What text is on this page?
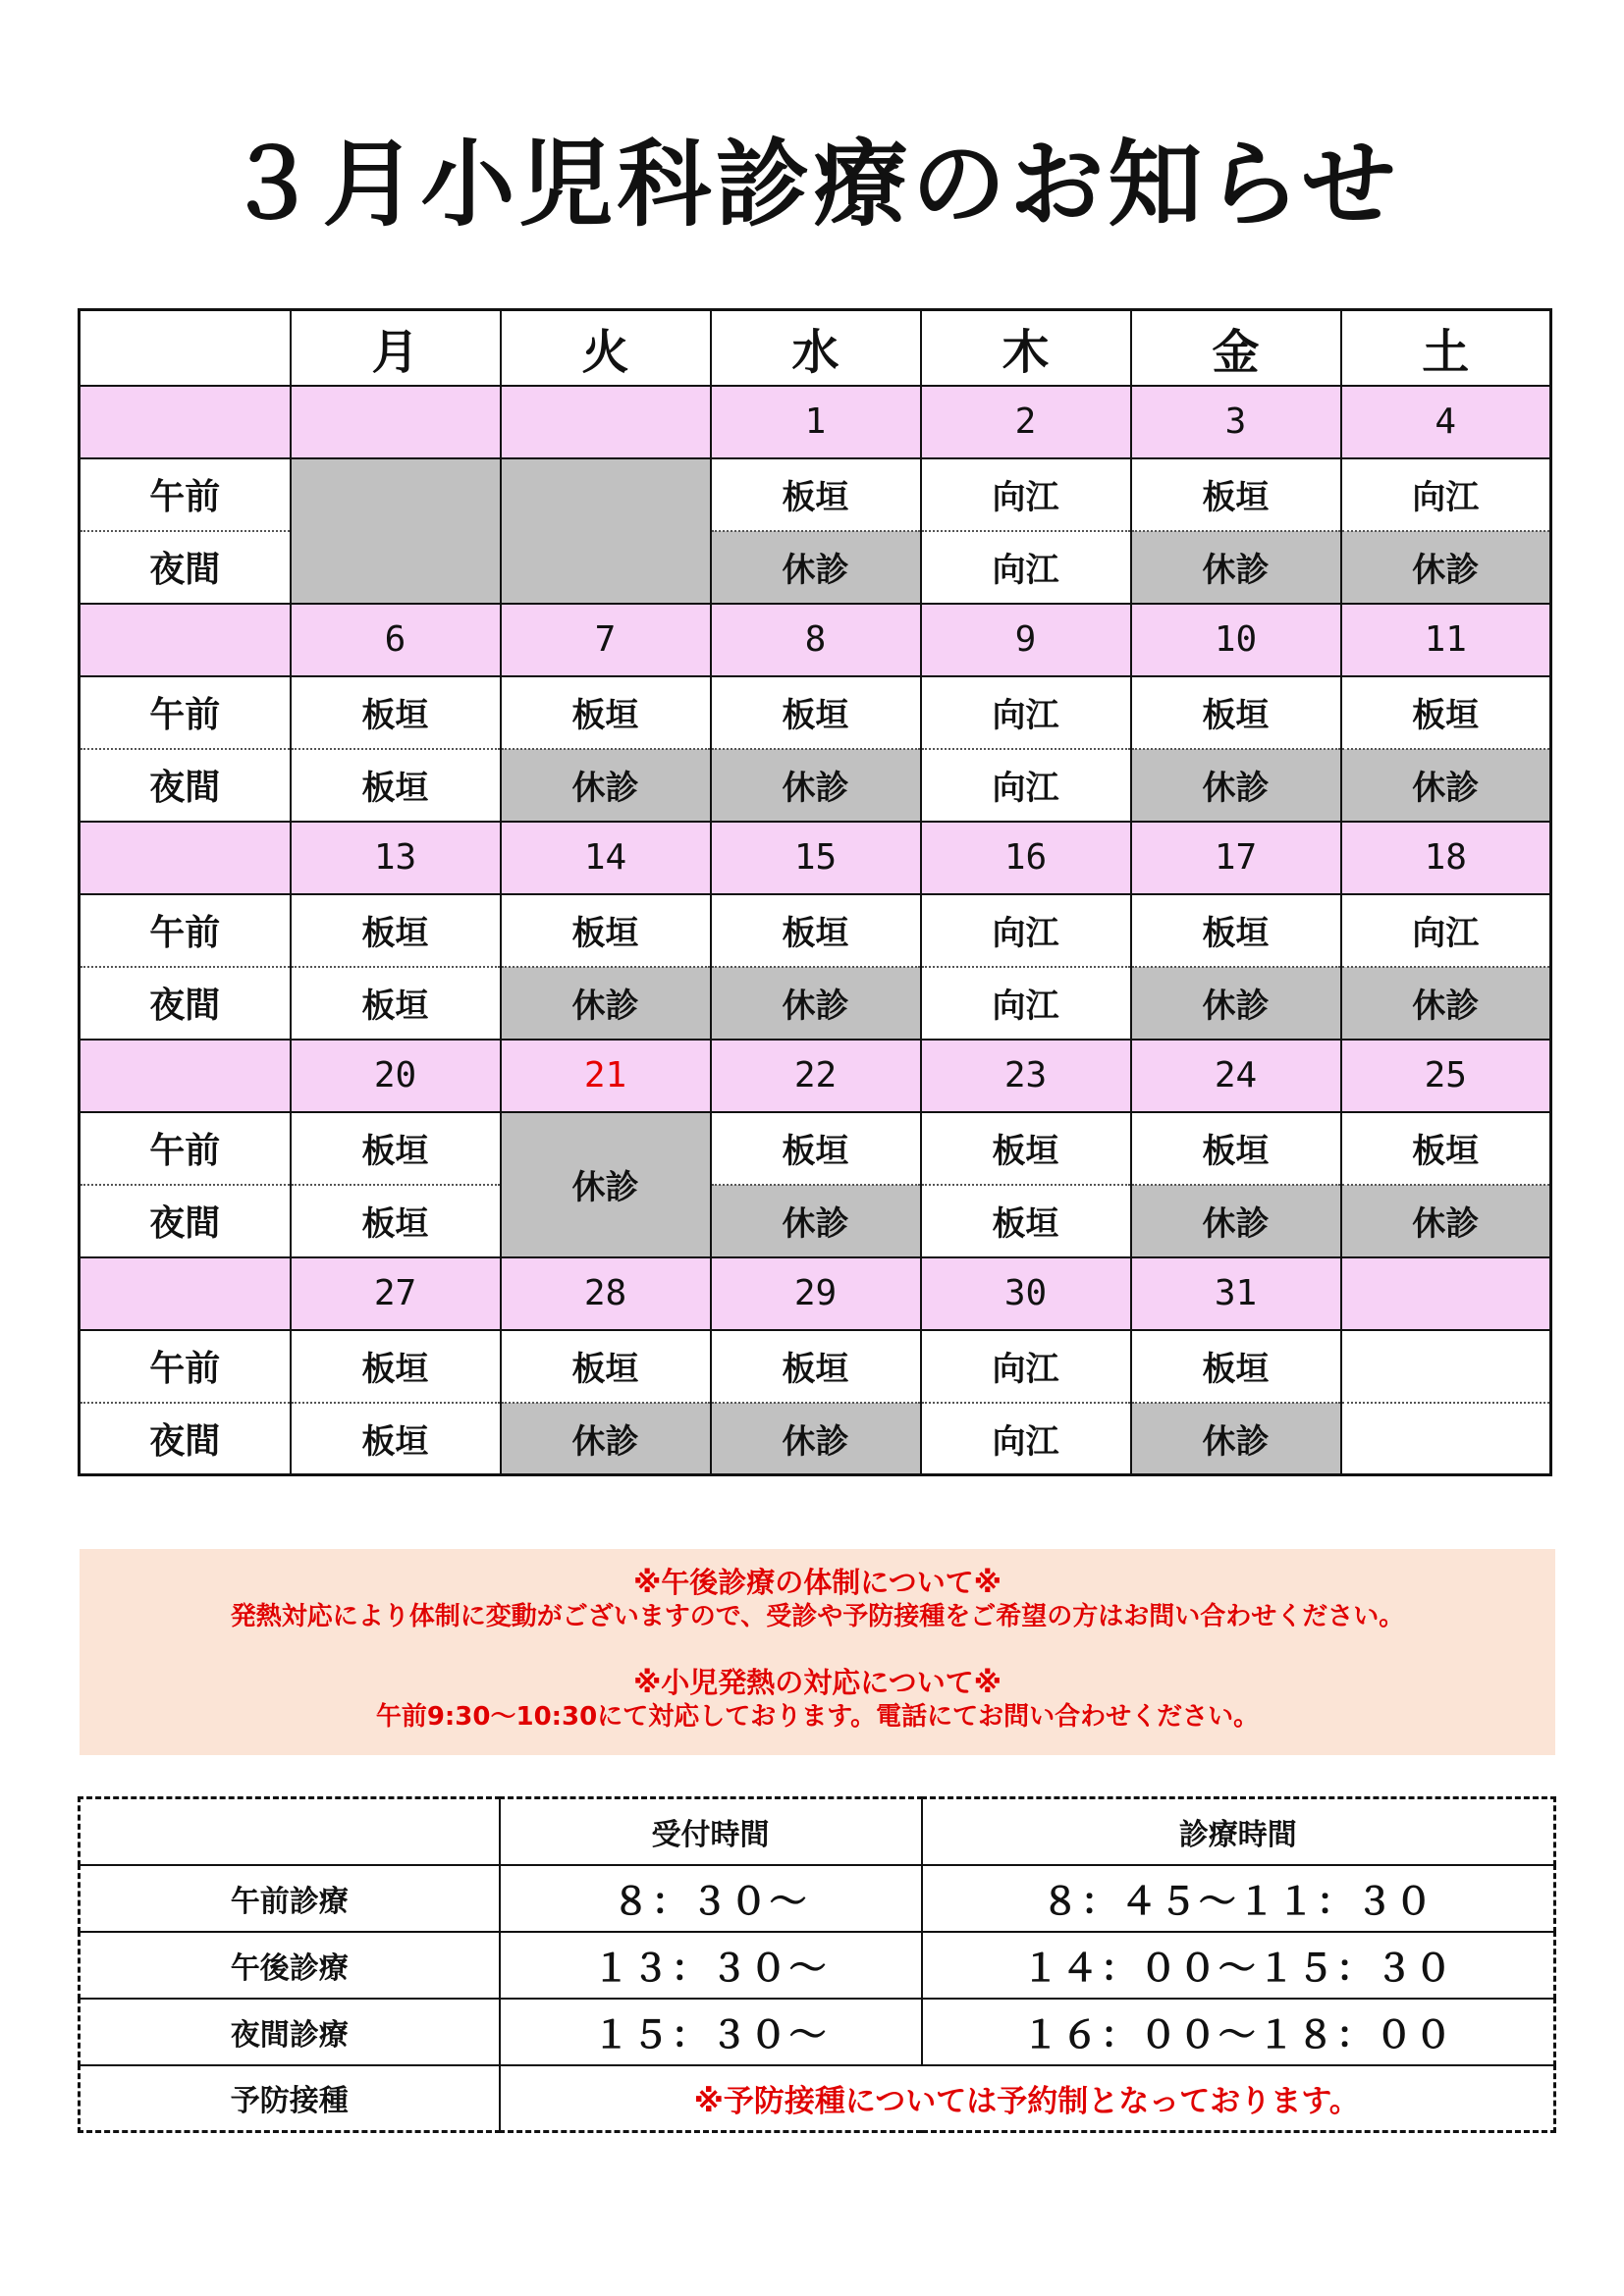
３月小児科診療のお知らせ
	月	火	水	木	金	土
			1	2	3	4
午前			板垣	向江	板垣	向江
夜間			休診	向江	休診	休診
	6	7	8	9	10	11
午前	板垣	板垣	板垣	向江	板垣	板垣
夜間	板垣	休診	休診	向江	休診	休診
	13	14	15	16	17	18
午前	板垣	板垣	板垣	向江	板垣	向江
夜間	板垣	休診	休診	向江	休診	休診
	20	21	22	23	24	25
午前	板垣	休診	板垣	板垣	板垣	板垣
夜間	板垣		休診	板垣	休診	休診
	27	28	29	30	31	
午前	板垣	板垣	板垣	向江	板垣	
夜間	板垣	休診	休診	向江	休診	
※午後診療の体制について※
発熱対応により体制に変動がございますので、受診や予防接種をご希望の方はお問い合わせください。
※小児発熱の対応について※
午前9:30～10:30にて対応しております。電話にてお問い合わせください。
	受付時間	診療時間
午前診療	８：３０～	８：４５～１１：３０
午後診療	１３：３０～	１４：００～１５：３０
夜間診療	１５：３０～	１６：００～１８：００
予防接種	※予防接種については予約制となっております。	
